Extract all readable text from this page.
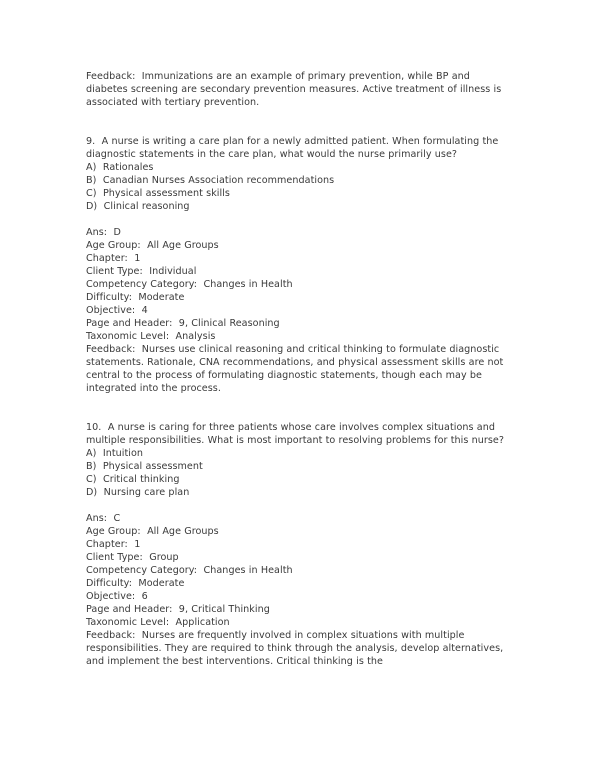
Feedback:  Immunizations are an example of primary prevention, while BP and diabetes screening are secondary prevention measures. Active treatment of illness is associated with tertiary prevention.

9.  A nurse is writing a care plan for a newly admitted patient. When formulating the diagnostic statements in the care plan, what would the nurse primarily use?

A)  Rationales

B)  Canadian Nurses Association recommendations

C)  Physical assessment skills

D)  Clinical reasoning

Ans:  D

Age Group:  All Age Groups

Chapter:  1

Client Type:  Individual

Competency Category:  Changes in Health

Difficulty:  Moderate

Objective:  4

Page and Header:  9, Clinical Reasoning

Taxonomic Level:  Analysis

Feedback:  Nurses use clinical reasoning and critical thinking to formulate diagnostic statements. Rationale, CNA recommendations, and physical assessment skills are not central to the process of formulating diagnostic statements, though each may be integrated into the process.

10.  A nurse is caring for three patients whose care involves complex situations and multiple responsibilities. What is most important to resolving problems for this nurse?

A)  Intuition

B)  Physical assessment

C)  Critical thinking

D)  Nursing care plan

Ans:  C

Age Group:  All Age Groups

Chapter:  1

Client Type:  Group

Competency Category:  Changes in Health

Difficulty:  Moderate

Objective:  6

Page and Header:  9, Critical Thinking

Taxonomic Level:  Application

Feedback:  Nurses are frequently involved in complex situations with multiple responsibilities. They are required to think through the analysis, develop alternatives, and implement the best interventions. Critical thinking is the
